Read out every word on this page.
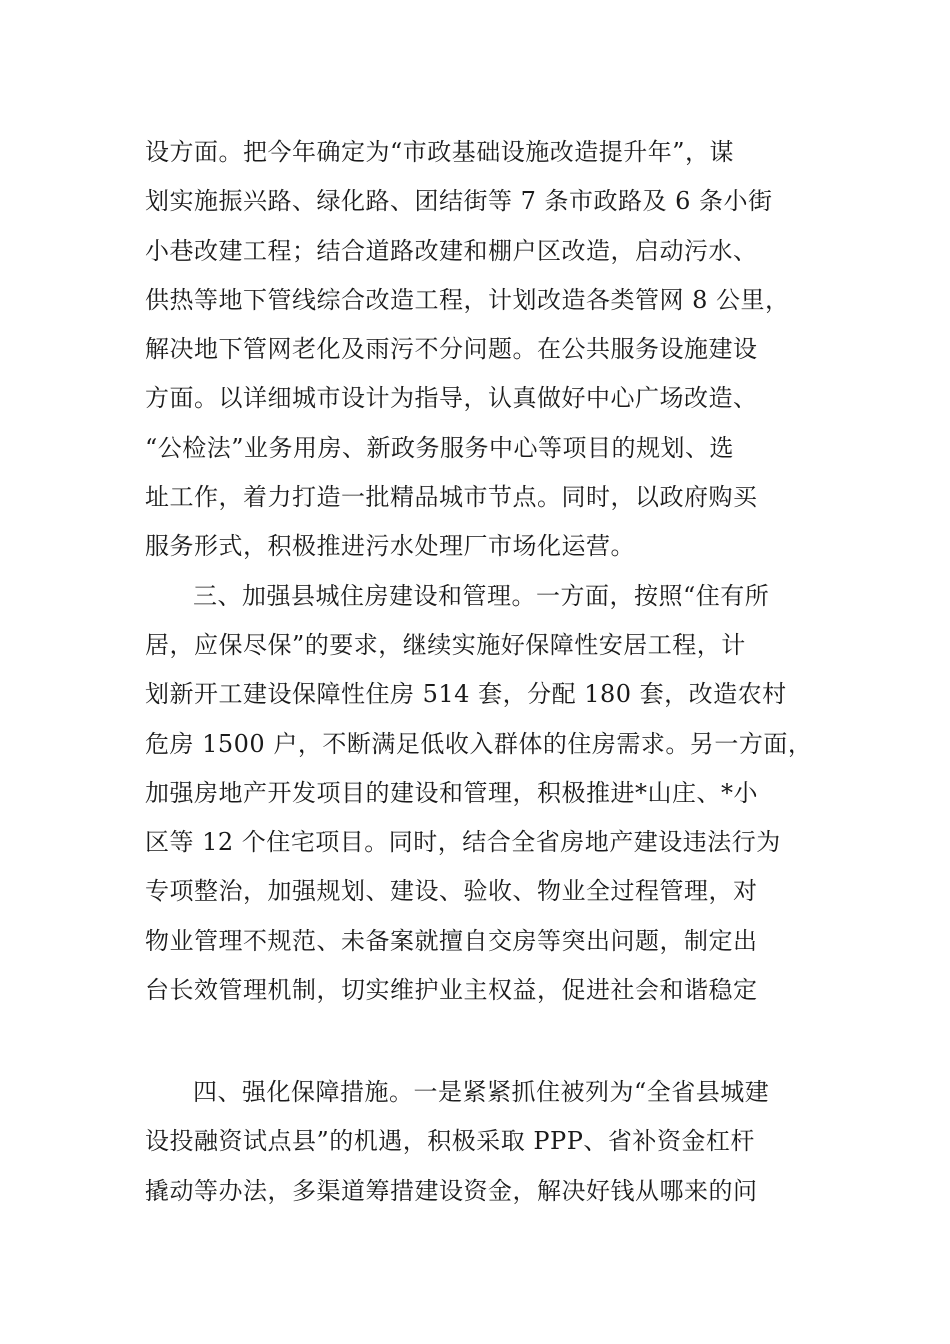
设方面。把今年确定为“市政基础设施改造提升年”，谋
划实施振兴路、绿化路、团结街等 7 条市政路及 6 条小街
小巷改建工程；结合道路改建和棚户区改造，启动污水、
供热等地下管线综合改造工程，计划改造各类管网 8 公里，
解决地下管网老化及雨污不分问题。在公共服务设施建设
方面。以详细城市设计为指导，认真做好中心广场改造、
“公检法”业务用房、新政务服务中心等项目的规划、选
址工作，着力打造一批精品城市节点。同时，以政府购买
服务形式，积极推进污水处理厂市场化运营。
三、加强县城住房建设和管理。一方面，按照“住有所
居，应保尽保”的要求，继续实施好保障性安居工程，计
划新开工建设保障性住房 514 套，分配 180 套，改造农村
危房 1500 户，不断满足低收入群体的住房需求。另一方面，
加强房地产开发项目的建设和管理，积极推进*山庄、*小
区等 12 个住宅项目。同时，结合全省房地产建设违法行为
专项整治，加强规划、建设、验收、物业全过程管理，对
物业管理不规范、未备案就擅自交房等突出问题，制定出
台长效管理机制，切实维护业主权益，促进社会和谐稳定
四、强化保障措施。一是紧紧抓住被列为“全省县城建
设投融资试点县”的机遇，积极采取 PPP、省补资金杠杆
撬动等办法，多渠道筹措建设资金，解决好钱从哪来的问
